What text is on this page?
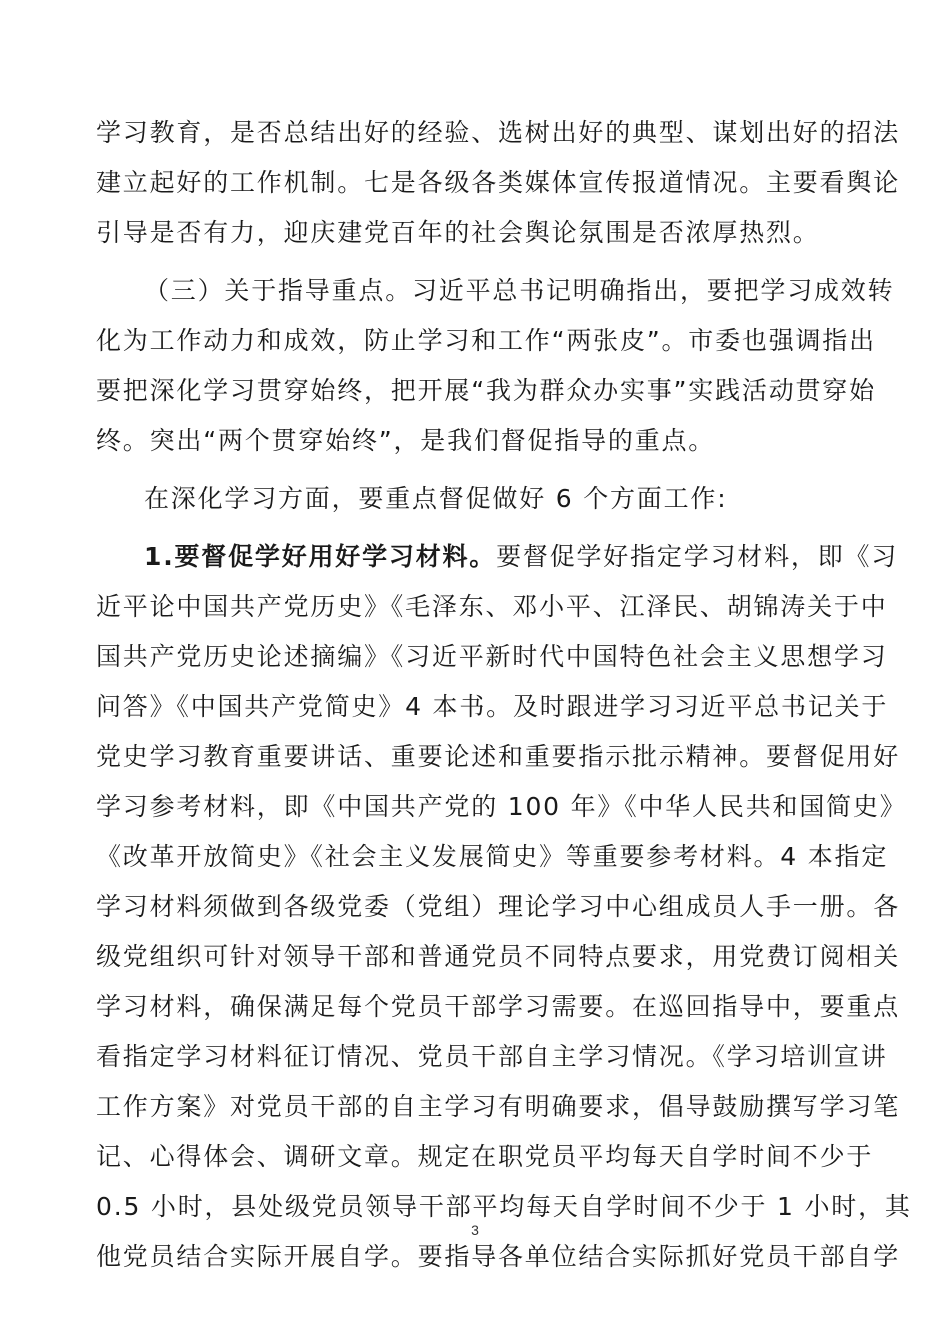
学习教育，是否总结出好的经验、选树出好的典型、谋划出好的招法
建立起好的工作机制。七是各级各类媒体宣传报道情况。主要看舆论
引导是否有力，迎庆建党百年的社会舆论氛围是否浓厚热烈。
（三）关于指导重点。习近平总书记明确指出，要把学习成效转
化为工作动力和成效，防止学习和工作“两张皮”。市委也强调指出
要把深化学习贯穿始终，把开展“我为群众办实事”实践活动贯穿始
终。突出“两个贯穿始终”，是我们督促指导的重点。
在深化学习方面，要重点督促做好 6 个方面工作:
1.要督促学好用好学习材料。要督促学好指定学习材料，即《习
近平论中国共产党历史》《毛泽东、邓小平、江泽民、胡锦涛关于中
国共产党历史论述摘编》《习近平新时代中国特色社会主义思想学习
问答》《中国共产党简史》4 本书。及时跟进学习习近平总书记关于
党史学习教育重要讲话、重要论述和重要指示批示精神。要督促用好
学习参考材料，即《中国共产党的 100 年》《中华人民共和国简史》
《改革开放简史》《社会主义发展简史》等重要参考材料。4 本指定
学习材料须做到各级党委（党组）理论学习中心组成员人手一册。各
级党组织可针对领导干部和普通党员不同特点要求，用党费订阅相关
学习材料，确保满足每个党员干部学习需要。在巡回指导中，要重点
看指定学习材料征订情况、党员干部自主学习情况。《学习培训宣讲
工作方案》对党员干部的自主学习有明确要求，倡导鼓励撰写学习笔
记、心得体会、调研文章。规定在职党员平均每天自学时间不少于
0.5 小时，县处级党员领导干部平均每天自学时间不少于 1 小时，其
他党员结合实际开展自学。要指导各单位结合实际抓好党员干部自学
3
